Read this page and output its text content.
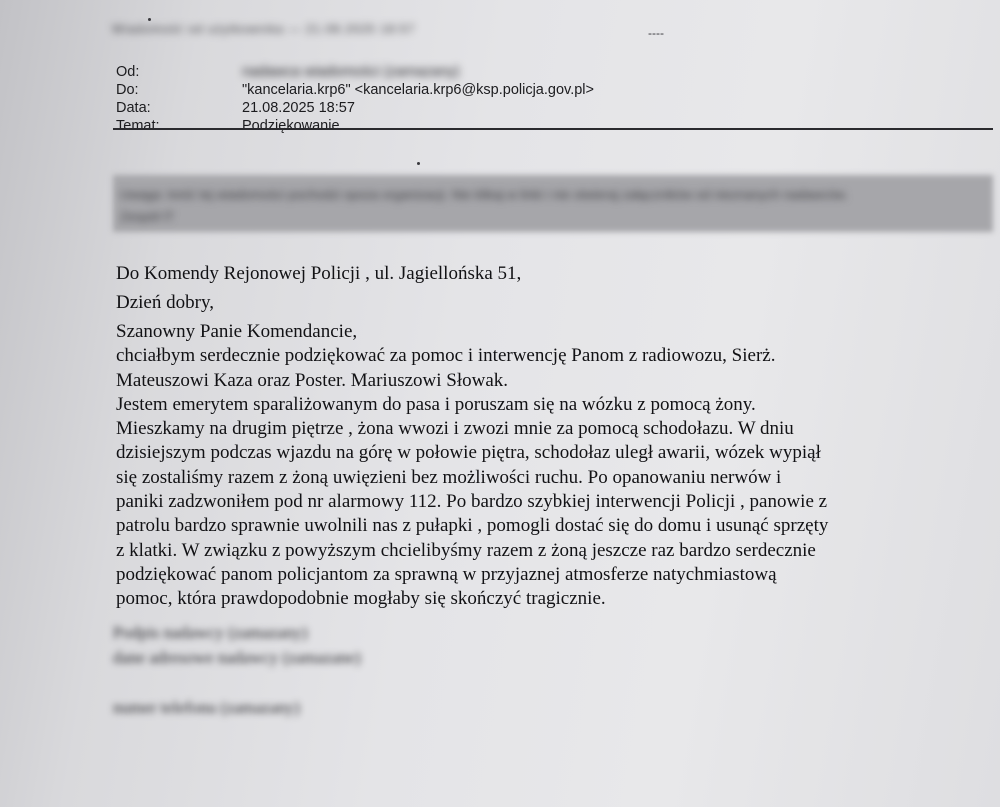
Wiadomość od użytkownika — 21.08.2025 18:57	----
Od:	nadawca wiadomości (zamazany)
Do:	"kancelaria.krp6" <kancelaria.krp6@ksp.policja.gov.pl>
Data:	21.08.2025 18:57
Temat:	Podziękowanie
Uwaga: treść tej wiadomości pochodzi spoza organizacji. Nie klikaj w linki i nie otwieraj załączników od nieznanych nadawców.
Zespół IT
Do Komendy Rejonowej Policji , ul. Jagiellońska 51,
Dzień dobry,
Szanowny Panie Komendancie,
chciałbym serdecznie podziękować za pomoc i interwencję Panom z radiowozu, Sierż.
Mateuszowi Kaza oraz Poster. Mariuszowi Słowak.
Jestem emerytem sparaliżowanym do pasa i poruszam się na wózku z pomocą żony.
Mieszkamy na drugim piętrze , żona wwozi i zwozi mnie za pomocą schodołazu. W dniu
dzisiejszym podczas wjazdu na górę w połowie piętra, schodołaz uległ awarii, wózek wypiął
się zostaliśmy razem z żoną uwięzieni bez możliwości ruchu. Po opanowaniu nerwów i
paniki zadzwoniłem pod nr alarmowy 112. Po bardzo szybkiej interwencji Policji , panowie z
patrolu bardzo sprawnie uwolnili nas z pułapki , pomogli dostać się do domu i usunąć sprzęty
z klatki. W związku z powyższym chcielibyśmy razem z żoną jeszcze raz bardzo serdecznie
podziękować panom policjantom za sprawną w przyjaznej atmosferze natychmiastową
pomoc, która prawdopodobnie mogłaby się skończyć tragicznie.
Podpis nadawcy (zamazany)
dane adresowe nadawcy (zamazane)
numer telefonu (zamazany)
